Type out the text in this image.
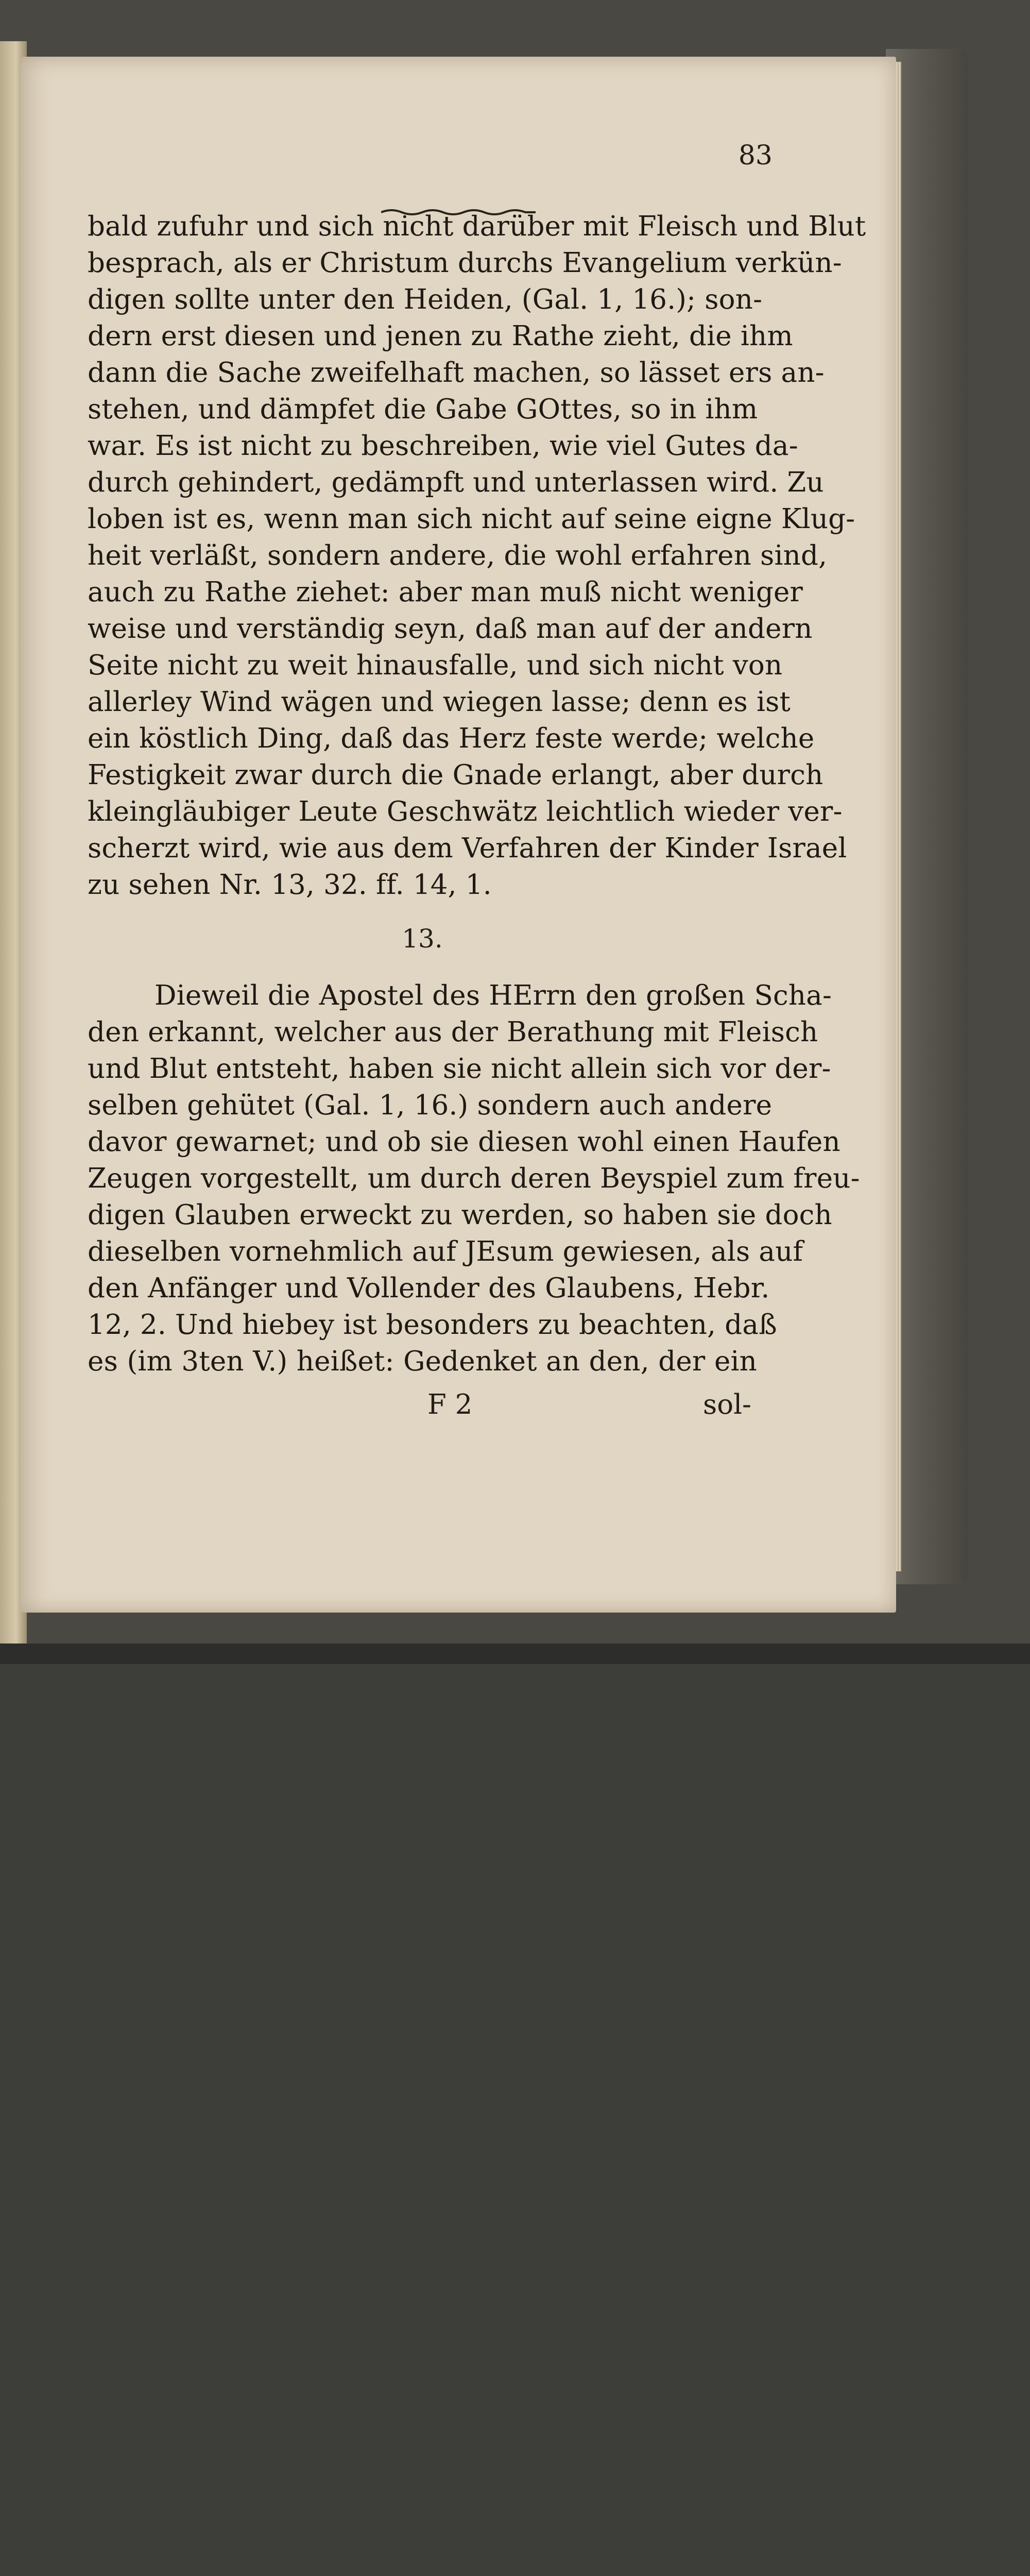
83
bald zufuhr und sich nicht darüber mit Fleisch und Blut
besprach, als er Christum durchs Evangelium verkün-
digen sollte unter den Heiden, (Gal. 1, 16.); son-
dern erst diesen und jenen zu Rathe zieht, die ihm
dann die Sache zweifelhaft machen, so lässet ers an-
stehen, und dämpfet die Gabe GOttes, so in ihm
war. Es ist nicht zu beschreiben, wie viel Gutes da-
durch gehindert, gedämpft und unterlassen wird. Zu
loben ist es, wenn man sich nicht auf seine eigne Klug-
heit verläßt, sondern andere, die wohl erfahren sind,
auch zu Rathe ziehet: aber man muß nicht weniger
weise und verständig seyn, daß man auf der andern
Seite nicht zu weit hinausfalle, und sich nicht von
allerley Wind wägen und wiegen lasse; denn es ist
ein köstlich Ding, daß das Herz feste werde; welche
Festigkeit zwar durch die Gnade erlangt, aber durch
kleingläubiger Leute Geschwätz leichtlich wieder ver-
scherzt wird, wie aus dem Verfahren der Kinder Israel
zu sehen Nr. 13, 32. ff. 14, 1.
13.
Dieweil die Apostel des HErrn den großen Scha-
den erkannt, welcher aus der Berathung mit Fleisch
und Blut entsteht, haben sie nicht allein sich vor der-
selben gehütet (Gal. 1, 16.) sondern auch andere
davor gewarnet; und ob sie diesen wohl einen Haufen
Zeugen vorgestellt, um durch deren Beyspiel zum freu-
digen Glauben erweckt zu werden, so haben sie doch
dieselben vornehmlich auf JEsum gewiesen, als auf
den Anfänger und Vollender des Glaubens, Hebr.
12, 2. Und hiebey ist besonders zu beachten, daß
es (im 3ten V.) heißet: Gedenket an den, der ein
F 2	sol-
